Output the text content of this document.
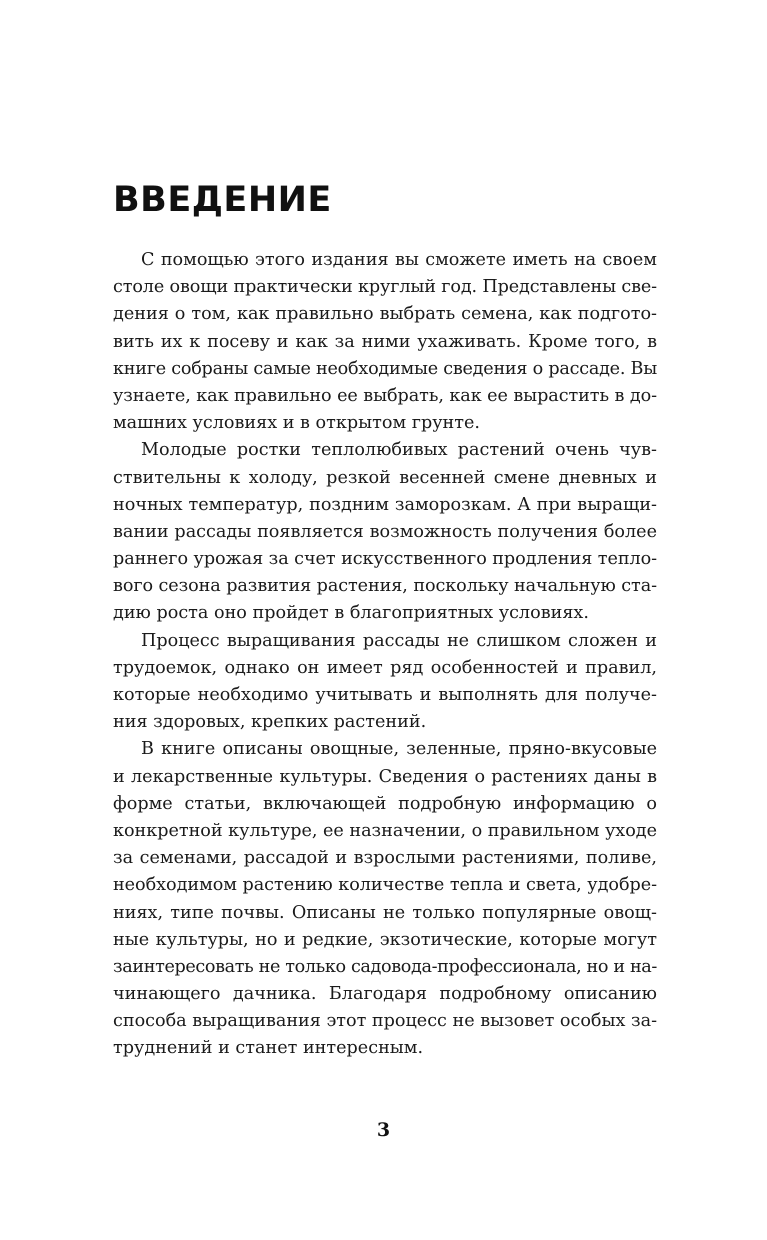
ВВЕДЕНИЕ
С помощью этого издания вы сможете иметь на своем
столе овощи практически круглый год. Представлены све-
дения о том, как правильно выбрать семена, как подгото-
вить их к посеву и как за ними ухаживать. Кроме того, в
книге собраны самые необходимые сведения о рассаде. Вы
узнаете, как правильно ее выбрать, как ее вырастить в до-
машних условиях и в открытом грунте.
Молодые ростки теплолюбивых растений очень чув-
ствительны к холоду, резкой весенней смене дневных и
ночных температур, поздним заморозкам. А при выращи-
вании рассады появляется возможность получения более
раннего урожая за счет искусственного продления тепло-
вого сезона развития растения, поскольку начальную ста-
дию роста оно пройдет в благоприятных условиях.
Процесс выращивания рассады не слишком сложен и
трудоемок, однако он имеет ряд особенностей и правил,
которые необходимо учитывать и выполнять для получе-
ния здоровых, крепких растений.
В книге описаны овощные, зеленные, пряно-вкусовые
и лекарственные культуры. Сведения о растениях даны в
форме статьи, включающей подробную информацию о
конкретной культуре, ее назначении, о правильном уходе
за семенами, рассадой и взрослыми растениями, поливе,
необходимом растению количестве тепла и света, удобре-
ниях, типе почвы. Описаны не только популярные овощ-
ные культуры, но и редкие, экзотические, которые могут
заинтересовать не только садовода-профессионала, но и на-
чинающего дачника. Благодаря подробному описанию
способа выращивания этот процесс не вызовет особых за-
труднений и станет интересным.
3
